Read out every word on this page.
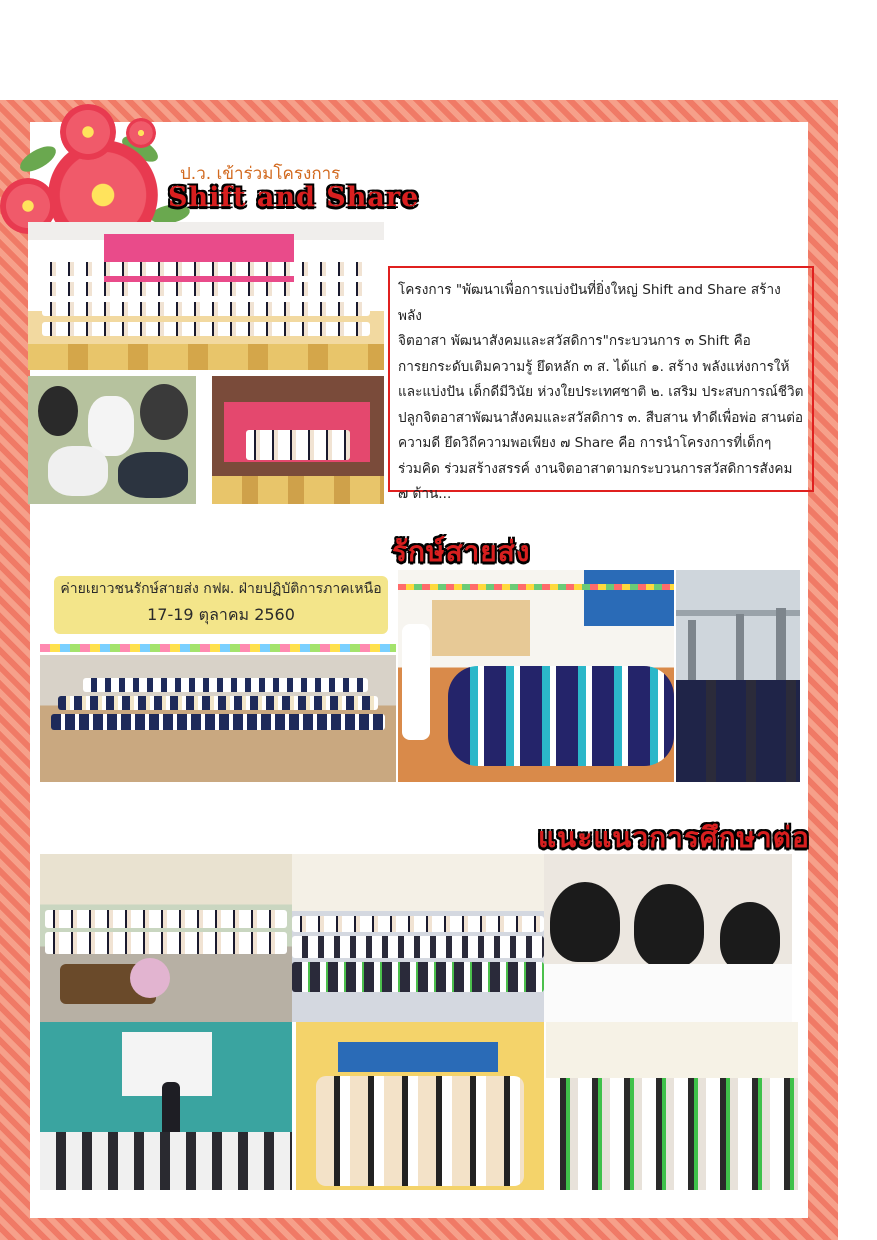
ป.ว. เข้าร่วมโครงการ
Shift and Share
โครงการ "พัฒนาเพื่อการแบ่งปันที่ยิ่งใหญ่ Shift and Share สร้างพลัง
จิตอาสา พัฒนาสังคมและสวัสดิการ"กระบวนการ ๓ Shift คือ
การยกระดับเติมความรู้ ยึดหลัก ๓ ส. ได้แก่ ๑. สร้าง พลังแห่งการให้
และแบ่งปัน เด็กดีมีวินัย ห่วงใยประเทศชาติ ๒. เสริม ประสบการณ์ชีวิต
ปลูกจิตอาสาพัฒนาสังคมและสวัสดิการ ๓. สืบสาน ทำดีเพื่อพ่อ สานต่อ
ความดี ยึดวิถีความพอเพียง ๗ Share คือ การนำโครงการที่เด็กๆ
ร่วมคิด ร่วมสร้างสรรค์ งานจิตอาสาตามกระบวนการสวัสดิการสังคม
๗ ด้าน...
รักษ์สายส่ง
ค่ายเยาวชนรักษ์สายส่ง กฟผ. ฝ่ายปฏิบัติการภาคเหนือ
17-19 ตุลาคม 2560
แนะแนวการศึกษาต่อ
